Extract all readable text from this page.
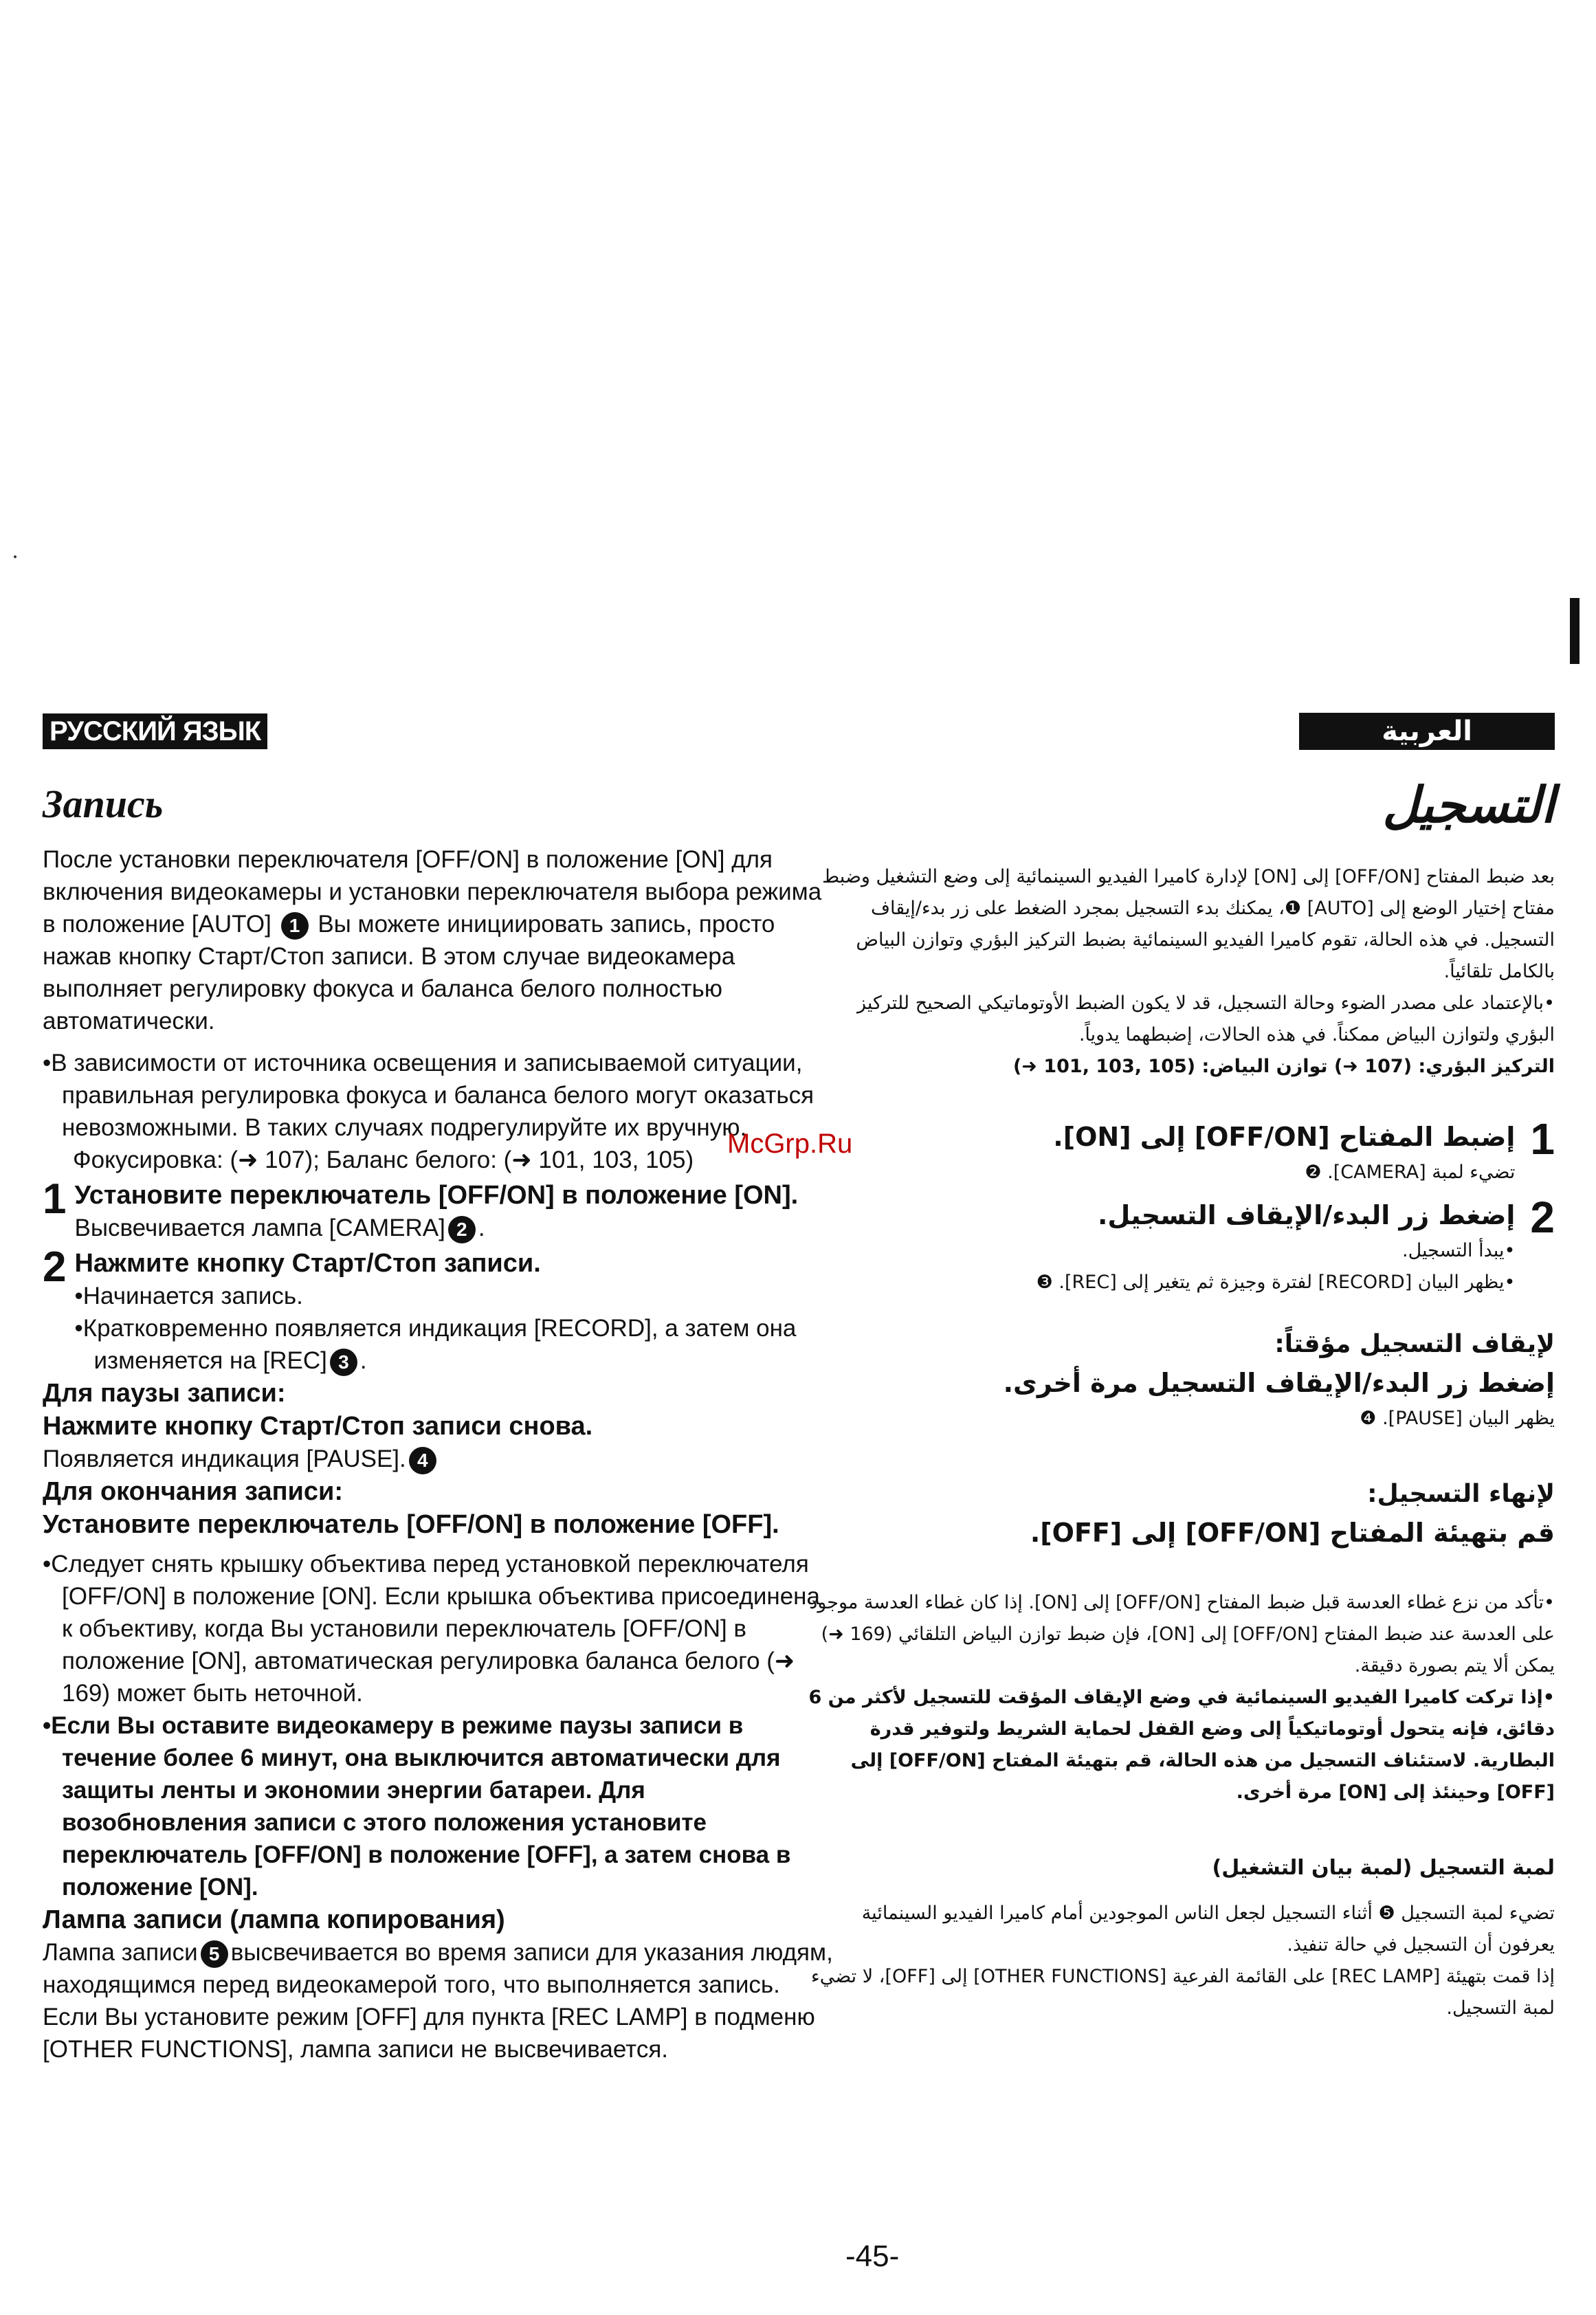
РУССКИЙ ЯЗЫК
Запись

После установки переключателя [OFF/ON] в положение [ON] для включения видеокамеры и установки переключателя выбора режима в положение [AUTO] 1 Вы можете инициировать запись, просто нажав кнопку Старт/Стоп записи. В этом случае видеокамера выполняет регулировку фокуса и баланса белого полностью автоматически.

•В зависимости от источника освещения и записываемой ситуации, правильная регулировка фокуса и баланса белого могут оказаться невозможными. В таких случаях подрегулируйте их вручную.

Фокусировка: (➜ 107); Баланс белого: (➜ 101, 103, 105)

1 Установите переключатель [OFF/ON] в положение [ON].

Высвечивается лампа [CAMERA] 2 .

2 Нажмите кнопку Старт/Стоп записи.

•Начинается запись.

•Кратковременно появляется индикация [RECORD], а затем она изменяется на [REC] 3 .

Для паузы записи:

Нажмите кнопку Старт/Стоп записи снова.

Появляется индикация [PAUSE]. 4

Для окончания записи:

Установите переключатель [OFF/ON] в положение [OFF].

•Следует снять крышку объектива перед установкой переключателя [OFF/ON] в положение [ON]. Если крышка объектива присоединена к объективу, когда Вы установили переключатель [OFF/ON] в положение [ON], автоматическая регулировка баланса белого (➜ 169) может быть неточной.

•Если Вы оставите видеокамеру в режиме паузы записи в течение более 6 минут, она выключится автоматически для защиты ленты и экономии энергии батареи. Для возобновления записи с этого положения установите переключатель [OFF/ON] в положение [OFF], а затем снова в положение [ON].

Лампа записи (лампа копирования)

Лампа записи 5 высвечивается во время записи для указания людям, находящимся перед видеокамерой того, что выполняется запись.

Если Вы установите режим [OFF] для пункта [REC LAMP] в подменю [OTHER FUNCTIONS], лампа записи не высвечивается.

العربية
التسجيل

بعد ضبط المفتاح [OFF/ON] إلى [ON] لإدارة كاميرا الفيديو السينمائية إلى وضع التشغيل وضبط مفتاح إختيار الوضع إلى [AUTO] ❶، يمكنك بدء التسجيل بمجرد الضغط على زر بدء/إيقاف التسجيل. في هذه الحالة، تقوم كاميرا الفيديو السينمائية بضبط التركيز البؤري وتوازن البياض بالكامل تلقائياً.

•بالإعتماد على مصدر الضوء وحالة التسجيل، قد لا يكون الضبط الأوتوماتيكي الصحيح للتركيز البؤري ولتوازن البياض ممكناً. في هذه الحالات، إضبطهما يدوياً.

التركيز البؤري: (107 ➜) توازن البياض: (105 ,103 ,101 ➜)

1

إضبط المفتاح [OFF/ON] إلى [ON].

تضيء لمبة [CAMERA]. ❷

2

إضغط زر البدء/الإيقاف التسجيل.

•يبدأ التسجيل.

•يظهر البيان [RECORD] لفترة وجيزة ثم يتغير إلى [REC]. ❸

لإيقاف التسجيل مؤقتاً:

إضغط زر البدء/الإيقاف التسجيل مرة أخرى.

يظهر البيان [PAUSE]. ❹

لإنهاء التسجيل:

قم بتهيئة المفتاح [OFF/ON] إلى [OFF].

•تأكد من نزع غطاء العدسة قبل ضبط المفتاح [OFF/ON] إلى [ON]. إذا كان غطاء العدسة موجود على العدسة عند ضبط المفتاح [OFF/ON] إلى [ON]، فإن ضبط توازن البياض التلقائي (169 ➜) يمكن ألا يتم بصورة دقيقة.

•إذا تركت كاميرا الفيديو السينمائية في وضع الإيقاف المؤقت للتسجيل لأكثر من 6 دقائق، فإنه يتحول أوتوماتيكياً إلى وضع القفل لحماية الشريط ولتوفير قدرة البطارية. لاستئناف التسجيل من هذه الحالة، قم بتهيئة المفتاح [OFF/ON] إلى [OFF] وحينئذ إلى [ON] مرة أخرى.

لمبة التسجيل (لمبة بيان التشغيل)

تضيء لمبة التسجيل ❺ أثناء التسجيل لجعل الناس الموجودين أمام كاميرا الفيديو السينمائية يعرفون أن التسجيل في حالة تنفيذ.

إذا قمت بتهيئة [REC LAMP] على القائمة الفرعية [OTHER FUNCTIONS] إلى [OFF]، لا تضيء لمبة التسجيل.

McGrp.Ru
-45-
